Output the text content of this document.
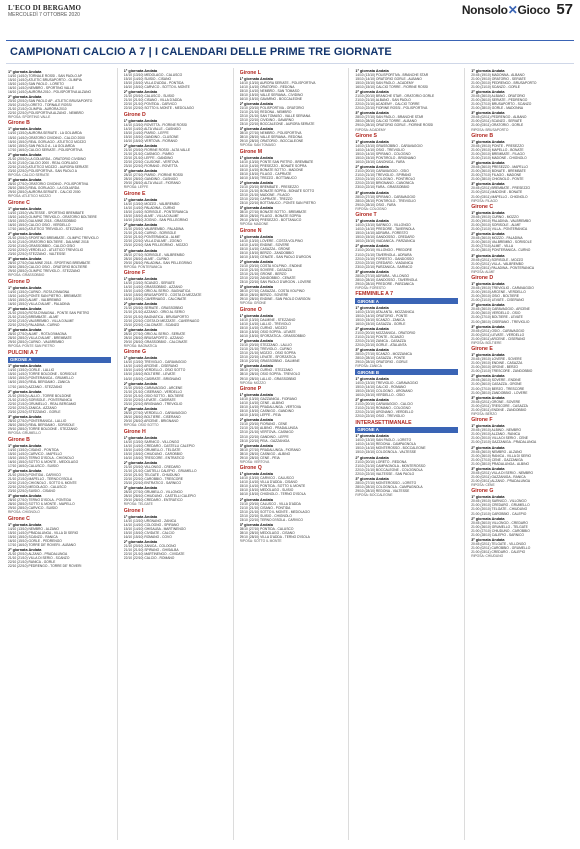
L'ECO DI BERGAMO
MERCOLEDÌ 7 OTTOBRE 2020	Nonsolo✕Gioco 57
CAMPIONATI CALCIO A 7 | I CALENDARI DELLE PRIME TRE GIORNATE
1ª giornata Andata
14/10 (14/10) TORNALE ROSSI - SAN PAOLO AP
15/10 (14/10) ATLETIC BRUSAPORTO - OLIMPIA
15/10 (14/10) SAN PAOLO - LORETO
16/10 (14/10) NEMBRO - SPORTING VALLE
16/10 (14/10) AURORA 2010 - POLISPORTIVA ALZANO
2ª giornata Andata
20/10 (20/10) SAN PAOLO AP - ATLETIC BRUSAPORTO
20/10 (21/10) LORETO - TORNALE ROSSI
21/10 (21/10) OLIMPIA - AURORA 2010
22/10 (22/10) POLISPORTIVA ALZANO - NEMBRO
RIPOSA: SPORTING VALLE
Girone B
1ª giornata Andata
14/10 (13/10) AURORA SERIATE - LA GOLIARDA
15/10 (14/10) ORATORIO CIVIDINO - CALCIO 2000
15/10 (15/10) REAL GORLAGO - ATLETICO MOZZO
16/10 (15/10) SAN PAOLO A - LA GOLIARDA
17/10 (16/10) CALCIO SERIATE - POLISPORTIVA
2ª giornata Andata
21/10 (20/10) LA GOLIARDA - ORATORIO CIVIDINO
21/10 (21/10) CALCIO 2000 - REAL GORLAGO
22/10 (21/10) ATLETICO MOZZO - AURORA SERIATE
23/10 (22/10) POLISPORTIVA - SAN PAOLO A
RIPOSA: CALCIO SERIATE
3ª giornata Andata
28/10 (27/10) ORATORIO CIVIDINO - POLISPORTIVA
28/10 (28/10) REAL GORLAGO - LA GOLIARDA
29/10 (28/10) AURORA SERIATE - CALCIO 2000
RIPOSA: ATLETICO MOZZO
Girone C
1ª giornata Andata
14/10 (13/10) VALTESSE - SPORTING BREMBATE
15/10 (14/10) OLIMPIC TREVIOLO - ORATORIO BOLTIERE
15/10 (15/10) DALMINE 2018 - GRASSOBBIO
16/10 (15/10) CALCIO OSIO - VERDELLO
17/10 (16/10) ATLETICO TREVIGLIO - STEZZANO
2ª giornata Andata
21/10 (20/10) SPORTING BREMBATE - OLIMPIC TREVIOLO
21/10 (21/10) ORATORIO BOLTIERE - DALMINE 2018
22/10 (21/10) GRASSOBBIO - CALCIO OSIO
22/10 (22/10) VERDELLO - ATLETICO TREVIGLIO
23/10 (22/10) STEZZANO - VALTESSE
3ª giornata Andata
28/10 (27/10) DALMINE 2018 - SPORTING BREMBATE
28/10 (28/10) CALCIO OSIO - ORATORIO BOLTIERE
29/10 (28/10) OLIMPIC TREVIOLO - STEZZANO
RIPOSA: GRASSOBBIO
Girone D
1ª giornata Andata
14/10 (13/10) CURNO - ROTA D'IMAGNA
15/10 (14/10) PONTE SAN PIETRO - BREMBATE
15/10 (15/10) ALME' - VALBREMBO
16/10 (15/10) VILLA D'ALME' - PALADINA
2ª giornata Andata
21/10 (20/10) ROTA D'IMAGNA - PONTE SAN PIETRO
21/10 (21/10) BREMBATE - ALME'
22/10 (21/10) VALBREMBO - VILLA D'ALME'
22/10 (22/10) PALADINA - CURNO
3ª giornata Andata
28/10 (27/10) ALME' - ROTA D'IMAGNA
28/10 (28/10) VILLA D'ALME' - BREMBATE
29/10 (28/10) CURNO - VALBREMBO
RIPOSA: PONTE SAN PIETRO
PULCINI A 7
GIRONE A
1ª giornata Andata
14/10 (13/10) GORLE - LALLIO
15/10 (14/10) TORRE BOLDONE - SORISOLE
15/10 (15/10) PONTERANICA - GRUMELLO
16/10 (15/10) REAL BERGAMO - ZANICA
17/10 (16/10) AZZANO - STEZZANO
2ª giornata Andata
21/10 (20/10) LALLIO - TORRE BOLDONE
21/10 (21/10) SORISOLE - PONTERANICA
22/10 (21/10) GRUMELLO - REAL BERGAMO
22/10 (22/10) ZANICA - AZZANO
23/10 (22/10) STEZZANO - GORLE
3ª giornata Andata
28/10 (27/10) PONTERANICA - LALLIO
28/10 (28/10) REAL BERGAMO - SORISOLE
29/10 (28/10) TORRE BOLDONE - STEZZANO
RIPOSA: GRUMELLO
Girone B
1ª giornata Andata
14/10 (13/10) CISANO - PONTIDA
15/10 (14/10) CARVICO - MAPELLO
15/10 (15/10) TERNO D'ISOLA - CHIGNOLO
16/10 (15/10) SOTTO IL MONTE - MEDOLAGO
17/10 (16/10) CALUSCO - SUISIO
2ª giornata Andata
21/10 (20/10) PONTIDA - CARVICO
21/10 (21/10) MAPELLO - TERNO D'ISOLA
22/10 (21/10) CHIGNOLO - SOTTO IL MONTE
22/10 (22/10) MEDOLAGO - CALUSCO
23/10 (22/10) SUISIO - CISANO
3ª giornata Andata
28/10 (27/10) TERNO D'ISOLA - PONTIDA
28/10 (28/10) SOTTO IL MONTE - MAPELLO
29/10 (28/10) CARVICO - SUISIO
RIPOSA: CHIGNOLO
Girone C
1ª giornata Andata
14/10 (13/10) NEMBRO - ALZANO
15/10 (14/10) PRADALUNGA - VILLA DI SERIO
15/10 (15/10) SCANZO - RANICA
16/10 (15/10) GORLE - PEDRENGO
17/10 (16/10) TORRE DE' ROVERI - ALBANO
2ª giornata Andata
21/10 (20/10) ALZANO - PRADALUNGA
21/10 (21/10) VILLA DI SERIO - SCANZO
22/10 (21/10) RANICA - GORLE
22/10 (22/10) PEDRENGO - TORRE DE' ROVERI
1ª giornata Andata
14/10 (13/10) MEDOLAGO - CALUSCO
15/10 (14/10) SUISIO - CISANO
15/10 (15/10) VILLA D'ADDA - PONTIDA
16/10 (15/10) CARVICO - SOTTO IL MONTE
2ª giornata Andata
21/10 (20/10) CALUSCO - SUISIO
21/10 (21/10) CISANO - VILLA D'ADDA
22/10 (21/10) PONTIDA - CARVICO
22/10 (22/10) SOTTO IL MONTE - MEDOLAGO
Girone D
1ª giornata Andata
14/10 (13/10) ROVETTA - FIORINE ROSSI
14/10 (14/10) ALTA VALLE - CASNIGO
15/10 (14/10) PIARIO - LEFFE
15/10 (15/10) GANDINO - CLUSONE
16/10 (15/10) VERTOVA - FIORANO
2ª giornata Andata
21/10 (20/10) FIORINE ROSSI - ALTA VALLE
21/10 (21/10) CASNIGO - PIARIO
22/10 (21/10) LEFFE - GANDINO
22/10 (22/10) CLUSONE - VERTOVA
23/10 (22/10) FIORANO - ROVETTA
3ª giornata Andata
28/10 (27/10) PIARIO - FIORINE ROSSI
28/10 (28/10) GANDINO - CASNIGO
29/10 (28/10) ALTA VALLE - FIORANO
RIPOSA: LEFFE
Girone E
1ª giornata Andata
14/10 (13/10) MOZZO - VALBREMBO
14/10 (14/10) PALADINA - CURNO
15/10 (14/10) SORISOLE - PONTERANICA
15/10 (15/10) ALME' - VILLA D'ALME'
16/10 (15/10) ZOGNO - SAN PELLEGRINO
2ª giornata Andata
21/10 (20/10) VALBREMBO - PALADINA
21/10 (21/10) CURNO - SORISOLE
22/10 (21/10) PONTERANICA - ALME'
22/10 (22/10) VILLA D'ALME' - ZOGNO
23/10 (22/10) SAN PELLEGRINO - MOZZO
3ª giornata Andata
28/10 (27/10) SORISOLE - VALBREMBO
28/10 (28/10) ALME' - CURNO
29/10 (28/10) PALADINA - SAN PELLEGRINO
RIPOSA: PONTERANICA
Girone F
1ª giornata Andata
14/10 (13/10) SCANZO - SERIATE
14/10 (14/10) GRASSOBBIO - AZZANO
15/10 (14/10) ORIO AL SERIO - BAGNATICA
15/10 (15/10) BRUSAPORTO - COSTA DI MEZZATE
16/10 (15/10) CAVERNAGO - CALCINATE
2ª giornata Andata
21/10 (20/10) SERIATE - GRASSOBBIO
21/10 (21/10) AZZANO - ORIO AL SERIO
22/10 (21/10) BAGNATICA - BRUSAPORTO
22/10 (22/10) COSTA DI MEZZATE - CAVERNAGO
23/10 (22/10) CALCINATE - SCANZO
3ª giornata Andata
28/10 (27/10) ORIO AL SERIO - SERIATE
28/10 (28/10) BRUSAPORTO - AZZANO
29/10 (28/10) GRASSOBBIO - CALCINATE
RIPOSA: BAGNATICA
Girone G
1ª giornata Andata
14/10 (13/10) TREVIGLIO - CARAVAGGIO
14/10 (14/10) ARCENE - CISERANO
15/10 (14/10) VERDELLO - OSIO SOTTO
15/10 (15/10) BOLTIERE - LEVATE
16/10 (15/10) CASIRATE - BRIGNANO
2ª giornata Andata
21/10 (20/10) CARAVAGGIO - ARCENE
21/10 (21/10) CISERANO - VERDELLO
22/10 (21/10) OSIO SOTTO - BOLTIERE
22/10 (22/10) LEVATE - CASIRATE
23/10 (22/10) BRIGNANO - TREVIGLIO
3ª giornata Andata
28/10 (27/10) VERDELLO - CARAVAGGIO
28/10 (28/10) BOLTIERE - CISERANO
29/10 (28/10) ARCENE - BRIGNANO
RIPOSA: OSIO SOTTO
Girone H
1ª giornata Andata
14/10 (13/10) SARNICO - VILLONGO
14/10 (14/10) CREDARO - CASTELLI CALEPIO
15/10 (14/10) GRUMELLO - TELGATE
15/10 (15/10) CHIUDUNO - CAROBBIO
16/10 (15/10) TRESCORE - ENTRATICO
2ª giornata Andata
21/10 (20/10) VILLONGO - CREDARO
21/10 (21/10) CASTELLI CALEPIO - GRUMELLO
22/10 (21/10) TELGATE - CHIUDUNO
22/10 (22/10) CAROBBIO - TRESCORE
23/10 (22/10) ENTRATICO - SARNICO
3ª giornata Andata
28/10 (27/10) GRUMELLO - VILLONGO
28/10 (28/10) CHIUDUNO - CASTELLI CALEPIO
29/10 (28/10) CREDARO - ENTRATICO
RIPOSA: TELGATE
Girone I
1ª giornata Andata
14/10 (13/10) URGNANO - ZANICA
14/10 (14/10) COLOGNO - SPIRANO
15/10 (14/10) GHISALBA - MARTINENGO
15/10 (15/10) CIVIDATE - CALCIO
16/10 (15/10) ROMANO - COVO
2ª giornata Andata
21/10 (20/10) ZANICA - COLOGNO
21/10 (21/10) SPIRANO - GHISALBA
22/10 (21/10) MARTINENGO - CIVIDATE
22/10 (22/10) CALCIO - ROMANO
Girone L
1ª giornata Andata
14/10 (13/10) AURORA SERIATE - POLISPORTIVA
14/10 (14/10) ORATORIO - REDONA
15/10 (14/10) NEMBRO - SAN TOMASO
15/10 (15/10) VALLE SERIANA - CIVIDINO
16/10 (15/10) GAVARNO - BOCCALEONE
2ª giornata Andata
21/10 (20/10) POLISPORTIVA - ORATORIO
21/10 (21/10) REDONA - NEMBRO
22/10 (21/10) SAN TOMASO - VALLE SERIANA
22/10 (22/10) CIVIDINO - GAVARNO
23/10 (22/10) BOCCALEONE - AURORA SERIATE
3ª giornata Andata
28/10 (27/10) NEMBRO - POLISPORTIVA
28/10 (28/10) VALLE SERIANA - REDONA
29/10 (28/10) ORATORIO - BOCCALEONE
RIPOSA: SAN TOMASO
Girone M
1ª giornata Andata
14/10 (13/10) PONTE SAN PIETRO - BREMBATE
14/10 (14/10) PRESEZZO - BONATE SOPRA
15/10 (14/10) BONATE SOTTO - MADONE
15/10 (15/10) FILAGO - CAPRIATE
16/10 (15/10) TREZZO - BOTTANUCO
2ª giornata Andata
21/10 (20/10) BREMBATE - PRESEZZO
21/10 (21/10) BONATE SOPRA - BONATE SOTTO
22/10 (21/10) MADONE - FILAGO
22/10 (22/10) CAPRIATE - TREZZO
23/10 (22/10) BOTTANUCO - PONTE SAN PIETRO
3ª giornata Andata
28/10 (27/10) BONATE SOTTO - BREMBATE
28/10 (28/10) FILAGO - BONATE SOPRA
29/10 (28/10) PRESEZZO - BOTTANUCO
RIPOSA: MADONE
Girone N
1ª giornata Andata
14/10 (13/10) LOVERE - COSTA VOLPINO
14/10 (14/10) ENDINE - SOVERE
15/10 (14/10) CASAZZA - GRONE
15/10 (15/10) BERZO - ZANDOBBIO
16/10 (15/10) CENATE - SAN PAOLO D'ARGON
2ª giornata Andata
21/10 (20/10) COSTA VOLPINO - ENDINE
21/10 (21/10) SOVERE - CASAZZA
22/10 (21/10) GRONE - BERZO
22/10 (22/10) ZANDOBBIO - CENATE
23/10 (22/10) SAN PAOLO D'ARGON - LOVERE
3ª giornata Andata
28/10 (27/10) CASAZZA - COSTA VOLPINO
28/10 (28/10) BERZO - SOVERE
29/10 (28/10) ENDINE - SAN PAOLO D'ARGON
RIPOSA: GRONE
Girone O
1ª giornata Andata
14/10 (13/10) DALMINE - STEZZANO
14/10 (14/10) LALLIO - TREVIOLO
15/10 (14/10) CURNO - MOZZO
15/10 (15/10) OSIO SOPRA - LEVATE
16/10 (15/10) SFORZATICA - GRASSOBBIO
2ª giornata Andata
21/10 (20/10) STEZZANO - LALLIO
21/10 (21/10) TREVIOLO - CURNO
22/10 (21/10) MOZZO - OSIO SOPRA
22/10 (22/10) LEVATE - SFORZATICA
23/10 (22/10) GRASSOBBIO - DALMINE
3ª giornata Andata
28/10 (27/10) CURNO - STEZZANO
28/10 (28/10) OSIO SOPRA - TREVIOLO
29/10 (28/10) LALLIO - GRASSOBBIO
RIPOSA: MOZZO
Girone P
1ª giornata Andata
14/10 (13/10) GAZZANIGA - FIORANO
14/10 (14/10) CENE - ALBINO
15/10 (14/10) PRADALUNGA - VERTOVA
15/10 (15/10) CASNIGO - GANDINO
16/10 (15/10) LEFFE - PEIA
2ª giornata Andata
21/10 (20/10) FIORANO - CENE
21/10 (21/10) ALBINO - PRADALUNGA
22/10 (21/10) VERTOVA - CASNIGO
22/10 (22/10) GANDINO - LEFFE
23/10 (22/10) PEIA - GAZZANIGA
3ª giornata Andata
28/10 (27/10) PRADALUNGA - FIORANO
28/10 (28/10) CASNIGO - ALBINO
29/10 (28/10) CENE - PEIA
RIPOSA: VERTOVA
Girone Q
1ª giornata Andata
14/10 (13/10) CARVICO - CALUSCO
14/10 (14/10) VILLA D'ADDA - CISANO
15/10 (14/10) PONTIDA - SOTTO IL MONTE
15/10 (15/10) MEDOLAGO - SUISIO
16/10 (15/10) CHIGNOLO - TERNO D'ISOLA
2ª giornata Andata
21/10 (20/10) CALUSCO - VILLA D'ADDA
21/10 (21/10) CISANO - PONTIDA
22/10 (21/10) SOTTO IL MONTE - MEDOLAGO
22/10 (22/10) SUISIO - CHIGNOLO
23/10 (22/10) TERNO D'ISOLA - CARVICO
3ª giornata Andata
28/10 (27/10) PONTIDA - CALUSCO
28/10 (28/10) MEDOLAGO - CISANO
29/10 (28/10) VILLA D'ADDA - TERNO D'ISOLA
RIPOSA: SOTTO IL MONTE
1ª giornata Andata
14/10 (13/10) POLISPORTIVA - BRANCHE STAR
15/10 (14/10) ORATORIO GORLE - ALBANO
15/10 (15/10) SAN PAOLO - ACADEMY
16/10 (15/10) CALCIO TORRE - FIORINE ROSSI
2ª giornata Andata
21/10 (20/10) BRANCHE STAR - ORATORIO GORLE
21/10 (21/10) ALBANO - SAN PAOLO
22/10 (21/10) ACADEMY - CALCIO TORRE
22/10 (22/10) FIORINE ROSSI - POLISPORTIVA
3ª giornata Andata
28/10 (27/10) SAN PAOLO - BRANCHE STAR
28/10 (28/10) CALCIO TORRE - ALBANO
29/10 (28/10) ORATORIO GORLE - FIORINE ROSSI
RIPOSA: ACADEMY
Girone S
1ª giornata Andata
14/10 (13/10) GRASSOBBIO - CARAVAGGIO
14/10 (14/10) OSIO - TREVIGLIO
15/10 (14/10) SPIRANO - COLOGNO
15/10 (15/10) PONTIROLO - BRIGNANO
16/10 (15/10) CANONICA - FARA
2ª giornata Andata
21/10 (20/10) CARAVAGGIO - OSIO
21/10 (21/10) TREVIGLIO - SPIRANO
22/10 (21/10) COLOGNO - PONTIROLO
22/10 (22/10) BRIGNANO - CANONICA
23/10 (22/10) FARA - GRASSOBBIO
3ª giornata Andata
28/10 (27/10) SPIRANO - CARAVAGGIO
28/10 (28/10) PONTIROLO - TREVIGLIO
29/10 (28/10) OSIO - FARA
RIPOSA: COLOGNO
Girone T
1ª giornata Andata
14/10 (13/10) SARNICO - VILLONGO
14/10 (14/10) PREDORE - TAVERNOLA
15/10 (14/10) ADRARA - FORESTO
15/10 (15/10) GANDOSSO - CREDARO
16/10 (15/10) VIADANICA - PARZANICA
2ª giornata Andata
21/10 (20/10) VILLONGO - PREDORE
21/10 (21/10) TAVERNOLA - ADRARA
22/10 (21/10) FORESTO - GANDOSSO
22/10 (22/10) CREDARO - VIADANICA
23/10 (22/10) PARZANICA - SARNICO
3ª giornata Andata
28/10 (27/10) ADRARA - VILLONGO
28/10 (28/10) GANDOSSO - TAVERNOLA
29/10 (28/10) PREDORE - PARZANICA
RIPOSA: FORESTO
FEMMINILE A 7
GIRONE A
1ª giornata Andata
14/10 (13/10) ATALANTA - MOZZANICA
15/10 (14/10) ORATORIO - PONTE
15/10 (15/10) SCANZO - ZANICA
16/10 (15/10) CASAZZA - GORLE
2ª giornata Andata
21/10 (20/10) MOZZANICA - ORATORIO
21/10 (21/10) PONTE - SCANZO
22/10 (21/10) ZANICA - CASAZZA
22/10 (22/10) GORLE - ATALANTA
3ª giornata Andata
28/10 (27/10) SCANZO - MOZZANICA
28/10 (28/10) CASAZZA - PONTE
29/10 (28/10) ORATORIO - GORLE
RIPOSA: ZANICA
GIRONE B
1ª giornata Andata
14/10 (13/10) TREVIGLIO - CARAVAGGIO
15/10 (14/10) CALCIO - ROMANO
15/10 (15/10) COLOGNO - URGNANO
16/10 (15/10) VERDELLO - OSIO
2ª giornata Andata
21/10 (20/10) CARAVAGGIO - CALCIO
21/10 (21/10) ROMANO - COLOGNO
22/10 (21/10) URGNANO - VERDELLO
22/10 (22/10) OSIO - TREVIGLIO
INTERASETTIMANALE
GIRONE A
1ª giornata Andata
14/10 (13/10) SAN PAOLO - LORETO
14/10 (14/10) REDONA - CAMPAGNOLA
15/10 (14/10) MONTEROSSO - BOCCALEONE
15/10 (15/10) COLOGNOLA - VALTESSE
2ª giornata Andata
21/10 (20/10) LORETO - REDONA
21/10 (21/10) CAMPAGNOLA - MONTEROSSO
22/10 (21/10) BOCCALEONE - COLOGNOLA
22/10 (22/10) VALTESSE - SAN PAOLO
3ª giornata Andata
28/10 (27/10) MONTEROSSO - LORETO
28/10 (28/10) COLOGNOLA - CAMPAGNOLA
29/10 (28/10) REDONA - VALTESSE
RIPOSA: BOCCALEONE
1ª giornata Andata
20:45 (19/10) MADONNA - ALBANO
21:00 (19/10) ORATORIO - SERIATE
21:00 (20/10) PEDRENGO - BRUSAPORTO
21:00 (21/10) SCANZO - GORLE
2ª giornata Andata
20:45 (26/10) ALBANO - ORATORIO
21:00 (26/10) SERIATE - PEDRENGO
21:00 (27/10) BRUSAPORTO - SCANZO
21:00 (28/10) GORLE - MADONNA
3ª giornata Andata
20:45 (02/11) PEDRENGO - ALBANO
21:00 (02/11) SCANZO - SERIATE
21:00 (03/11) ORATORIO - GORLE
RIPOSA: BRUSAPORTO
Girone B
1ª giornata Andata
20:45 (19/10) PONTE - PRESEZZO
21:00 (19/10) MAPELLO - BONATE
21:00 (20/10) BREMBATE - FILAGO
21:00 (21/10) MADONE - CHIGNOLO
2ª giornata Andata
20:45 (26/10) PRESEZZO - MAPELLO
21:00 (26/10) BONATE - BREMBATE
21:00 (27/10) FILAGO - MADONE
21:00 (28/10) CHIGNOLO - PONTE
3ª giornata Andata
20:45 (02/11) BREMBATE - PRESEZZO
21:00 (02/11) MADONE - BONATE
21:00 (03/11) MAPELLO - CHIGNOLO
RIPOSA: FILAGO
Girone C
1ª giornata Andata
20:45 (19/10) CURNO - MOZZO
21:00 (19/10) PALADINA - VALBREMBO
21:00 (20/10) SORISOLE - ALME'
21:00 (21/10) VILLA - PONTERANICA
2ª giornata Andata
20:45 (26/10) MOZZO - PALADINA
21:00 (26/10) VALBREMBO - SORISOLE
21:00 (27/10) ALME' - VILLA
21:00 (28/10) PONTERANICA - CURNO
3ª giornata Andata
20:45 (02/11) SORISOLE - MOZZO
21:00 (02/11) VILLA - VALBREMBO
21:00 (03/11) PALADINA - PONTERANICA
RIPOSA: ALME'
Girone D
1ª giornata Andata
20:45 (19/10) TREVIGLIO - CARAVAGGIO
21:00 (19/10) ARCENE - VERDELLO
21:00 (20/10) OSIO - BOLTIERE
21:00 (21/10) LEVATE - CISERANO
2ª giornata Andata
20:45 (26/10) CARAVAGGIO - ARCENE
21:00 (26/10) VERDELLO - OSIO
21:00 (27/10) BOLTIERE - LEVATE
21:00 (28/10) CISERANO - TREVIGLIO
3ª giornata Andata
20:45 (02/11) OSIO - CARAVAGGIO
21:00 (02/11) LEVATE - VERDELLO
21:00 (03/11) ARCENE - CISERANO
RIPOSA: BOLTIERE
Girone E
1ª giornata Andata
20:45 (19/10) LOVERE - SOVERE
21:00 (19/10) ENDINE - CASAZZA
21:00 (20/10) GRONE - BERZO
21:00 (21/10) TRESCORE - ZANDOBBIO
2ª giornata Andata
20:45 (26/10) SOVERE - ENDINE
21:00 (26/10) CASAZZA - GRONE
21:00 (27/10) BERZO - TRESCORE
21:00 (28/10) ZANDOBBIO - LOVERE
3ª giornata Andata
20:45 (02/11) GRONE - SOVERE
21:00 (02/11) TRESCORE - CASAZZA
21:00 (03/11) ENDINE - ZANDOBBIO
RIPOSA: BERZO
Girone F
1ª giornata Andata
20:45 (19/10) ALBINO - NEMBRO
21:00 (19/10) ALZANO - RANICA
21:00 (20/10) VILLA DI SERIO - CENE
21:00 (21/10) GAZZANIGA - PRADALUNGA
2ª giornata Andata
20:45 (26/10) NEMBRO - ALZANO
21:00 (26/10) RANICA - VILLA DI SERIO
21:00 (27/10) CENE - GAZZANIGA
21:00 (28/10) PRADALUNGA - ALBINO
3ª giornata Andata
20:45 (02/11) VILLA DI SERIO - NEMBRO
21:00 (02/11) GAZZANIGA - RANICA
21:00 (03/11) ALZANO - PRADALUNGA
RIPOSA: CENE
Girone G
1ª giornata Andata
20:45 (19/10) SARNICO - VILLONGO
21:00 (19/10) CREDARO - GRUMELLO
21:00 (20/10) TELGATE - CHIUDUNO
21:00 (21/10) CAROBBIO - CALEPIO
2ª giornata Andata
20:45 (26/10) VILLONGO - CREDARO
21:00 (26/10) GRUMELLO - TELGATE
21:00 (27/10) CHIUDUNO - CAROBBIO
21:00 (28/10) CALEPIO - SARNICO
3ª giornata Andata
20:45 (02/11) TELGATE - VILLONGO
21:00 (02/11) CAROBBIO - GRUMELLO
21:00 (03/11) CREDARO - CALEPIO
RIPOSA: CHIUDUNO
